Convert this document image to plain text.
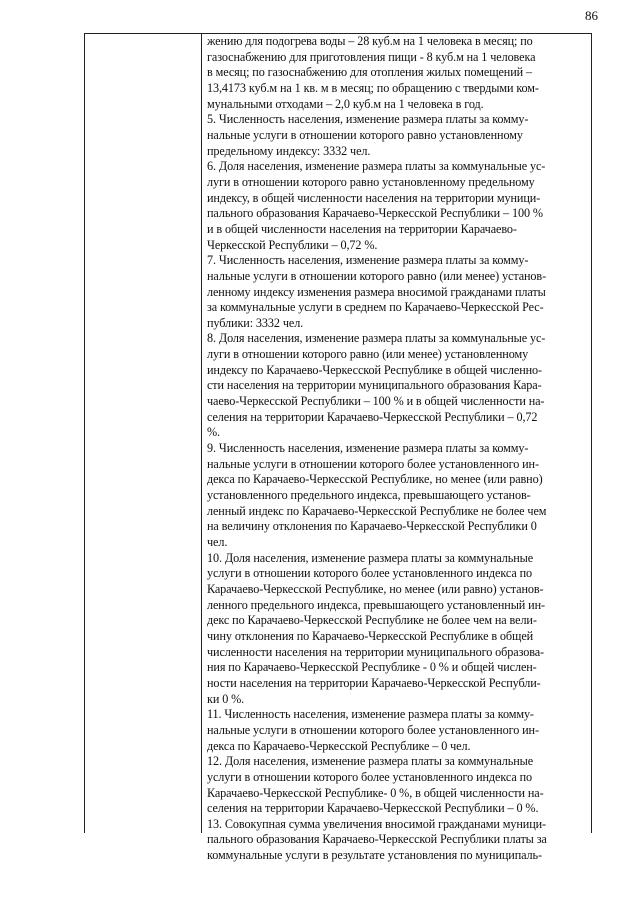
86
жению для подогрева воды – 28 куб.м на 1 человека в месяц; по
газоснабжению для приготовления пищи - 8 куб.м на 1 человека
в месяц; по газоснабжению для отопления жилых помещений –
13,4173 куб.м на 1 кв. м в месяц; по обращению с твердыми ком-
мунальными отходами – 2,0 куб.м на 1 человека в год.
5. Численность населения, изменение размера платы за комму-
нальные услуги в отношении которого равно установленному
предельному индексу: 3332 чел.
6. Доля населения, изменение размера платы за коммунальные ус-
луги в отношении которого равно установленному предельному
индексу, в общей численности населения на территории муници-
пального образования Карачаево-Черкесской Республики – 100 %
и в общей численности населения на территории Карачаево-
Черкесской Республики – 0,72 %.
7. Численность населения, изменение размера платы за комму-
нальные услуги в отношении которого равно (или менее) установ-
ленному индексу изменения размера вносимой гражданами платы
за коммунальные услуги в среднем по Карачаево-Черкесской Рес-
публики: 3332 чел.
8. Доля населения, изменение размера платы за коммунальные ус-
луги в отношении которого равно (или менее) установленному
индексу по Карачаево-Черкесской Республике в общей численно-
сти населения на территории муниципального образования Кара-
чаево-Черкесской Республики – 100 % и в общей численности на-
селения на территории Карачаево-Черкесской Республики – 0,72
%.
9. Численность населения, изменение размера платы за комму-
нальные услуги в отношении которого более установленного ин-
декса по Карачаево-Черкесской Республике, но менее (или равно)
установленного предельного индекса, превышающего установ-
ленный индекс по Карачаево-Черкесской Республике не более чем
на величину отклонения по Карачаево-Черкесской Республики 0
чел.
10. Доля населения, изменение размера платы за коммунальные
услуги в отношении которого более установленного индекса по
Карачаево-Черкесской Республике, но менее (или равно) установ-
ленного предельного индекса, превышающего установленный ин-
декс по Карачаево-Черкесской Республике не более чем на вели-
чину отклонения по Карачаево-Черкесской Республике в общей
численности населения на территории муниципального образова-
ния по Карачаево-Черкесской Республике - 0 % и общей числен-
ности населения на территории Карачаево-Черкесской Республи-
ки 0 %.
11. Численность населения, изменение размера платы за комму-
нальные услуги в отношении которого более установленного ин-
декса по Карачаево-Черкесской Республике – 0 чел.
12. Доля населения, изменение размера платы за коммунальные
услуги в отношении которого более установленного индекса по
Карачаево-Черкесской Республике- 0 %, в общей численности на-
селения на территории Карачаево-Черкесской Республики – 0 %.
13. Совокупная сумма увеличения вносимой гражданами муници-
пального образования Карачаево-Черкесской Республики платы за
коммунальные услуги в результате установления по муниципаль-
